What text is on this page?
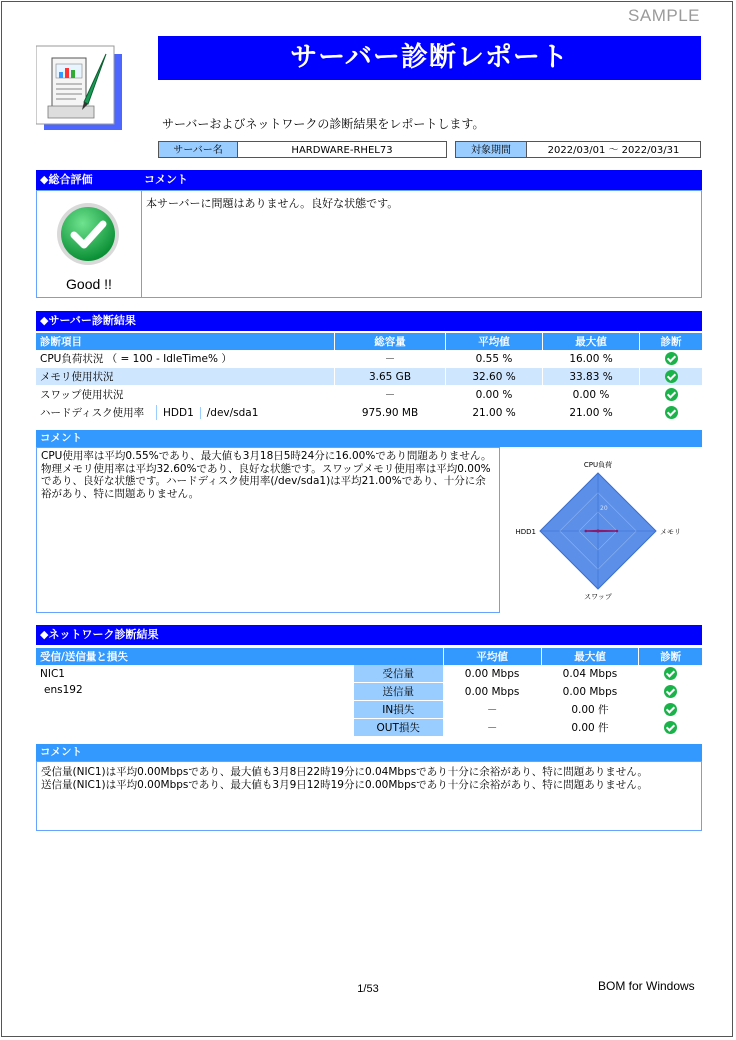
SAMPLE
サーバー診断レポート
サーバーおよびネットワークの診断結果をレポートします。
サーバー名	HARDWARE-RHEL73	対象期間	2022/03/01 ～ 2022/03/31
◆総合評価	コメント
Good !!
本サーバーに問題はありません。良好な状態です。
◆サーバー診断結果
診断項目	総容量	平均値	最大値	診断
CPU負荷状況 （ = 100 - IdleTime% ）	－	0.55 %	16.00 %	
メモリ使用状況	3.65 GB	32.60 %	33.83 %	
スワップ使用状況	－	0.00 %	0.00 %	
ハードディスク使用率 HDD1 /dev/sda1	975.90 MB	21.00 %	21.00 %	
コメント
CPU使用率は平均0.55%であり、最大値も3月18日5時24分に16.00%であり問題ありません。物理メモリ使用率は平均32.60%であり、良好な状態です。スワップメモリ使用率は平均0.00%であり、良好な状態です。ハードディスク使用率(/dev/sda1)は平均21.00%であり、十分に余裕があり、特に問題ありません。
20
CPU負荷
メモリ
スワップ
HDD1
◆ネットワーク診断結果
受信/送信量と損失		平均値	最大値	診断

NIC1
ens192	受信量	0.00 Mbps	0.04 Mbps	
	送信量	0.00 Mbps	0.00 Mbps	
	IN損失	－	0.00 件	
	OUT損失	－	0.00 件	
コメント
受信量(NIC1)は平均0.00Mbpsであり、最大値も3月8日22時19分に0.04Mbpsであり十分に余裕があり、特に問題ありません。
送信量(NIC1)は平均0.00Mbpsであり、最大値も3月9日12時19分に0.00Mbpsであり十分に余裕があり、特に問題ありません。
1/53	BOM for Windows
